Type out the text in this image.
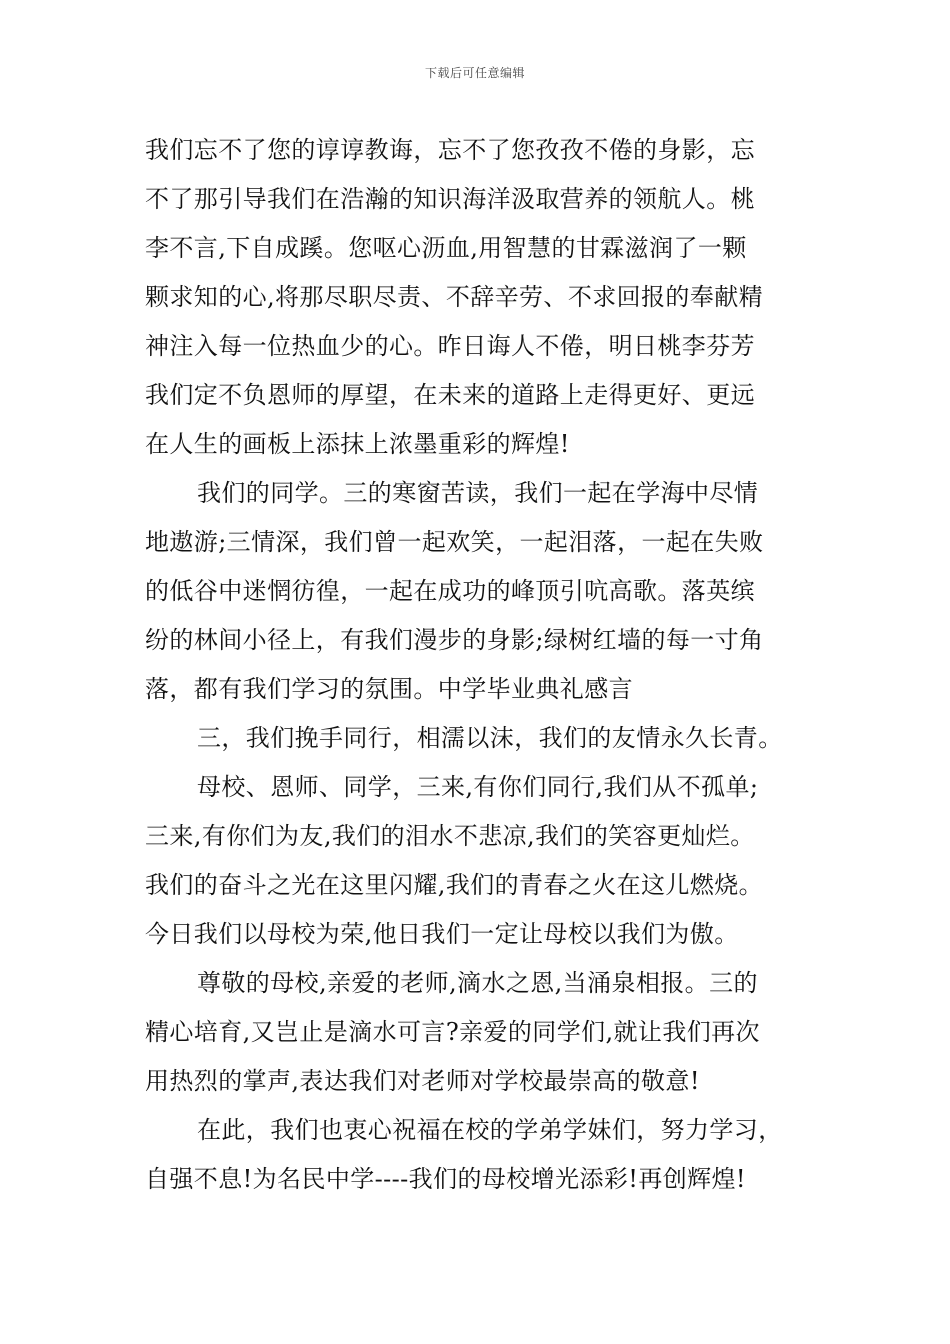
下载后可任意编辑
我们忘不了您的谆谆教诲，忘不了您孜孜不倦的身影，忘
不了那引导我们在浩瀚的知识海洋汲取营养的领航人。桃
李不言,下自成蹊。您呕心沥血,用智慧的甘霖滋润了一颗
颗求知的心,将那尽职尽责、不辞辛劳、不求回报的奉献精
神注入每一位热血少的心。昨日诲人不倦，明日桃李芬芳
我们定不负恩师的厚望，在未来的道路上走得更好、更远
在人生的画板上添抹上浓墨重彩的辉煌!
我们的同学。三的寒窗苦读，我们一起在学海中尽情
地遨游;三情深，我们曾一起欢笑，一起泪落，一起在失败
的低谷中迷惘彷徨，一起在成功的峰顶引吭高歌。落英缤
纷的林间小径上，有我们漫步的身影;绿树红墙的每一寸角
落，都有我们学习的氛围。中学毕业典礼感言
三，我们挽手同行，相濡以沫，我们的友情永久长青。
母校、恩师、同学，三来,有你们同行,我们从不孤单;
三来,有你们为友,我们的泪水不悲凉,我们的笑容更灿烂。
我们的奋斗之光在这里闪耀,我们的青春之火在这儿燃烧。
今日我们以母校为荣,他日我们一定让母校以我们为傲。
尊敬的母校,亲爱的老师,滴水之恩,当涌泉相报。三的
精心培育,又岂止是滴水可言?亲爱的同学们,就让我们再次
用热烈的掌声,表达我们对老师对学校最崇高的敬意!
在此，我们也衷心祝福在校的学弟学妹们，努力学习，
自强不息!为名民中学----我们的母校增光添彩!再创辉煌!
